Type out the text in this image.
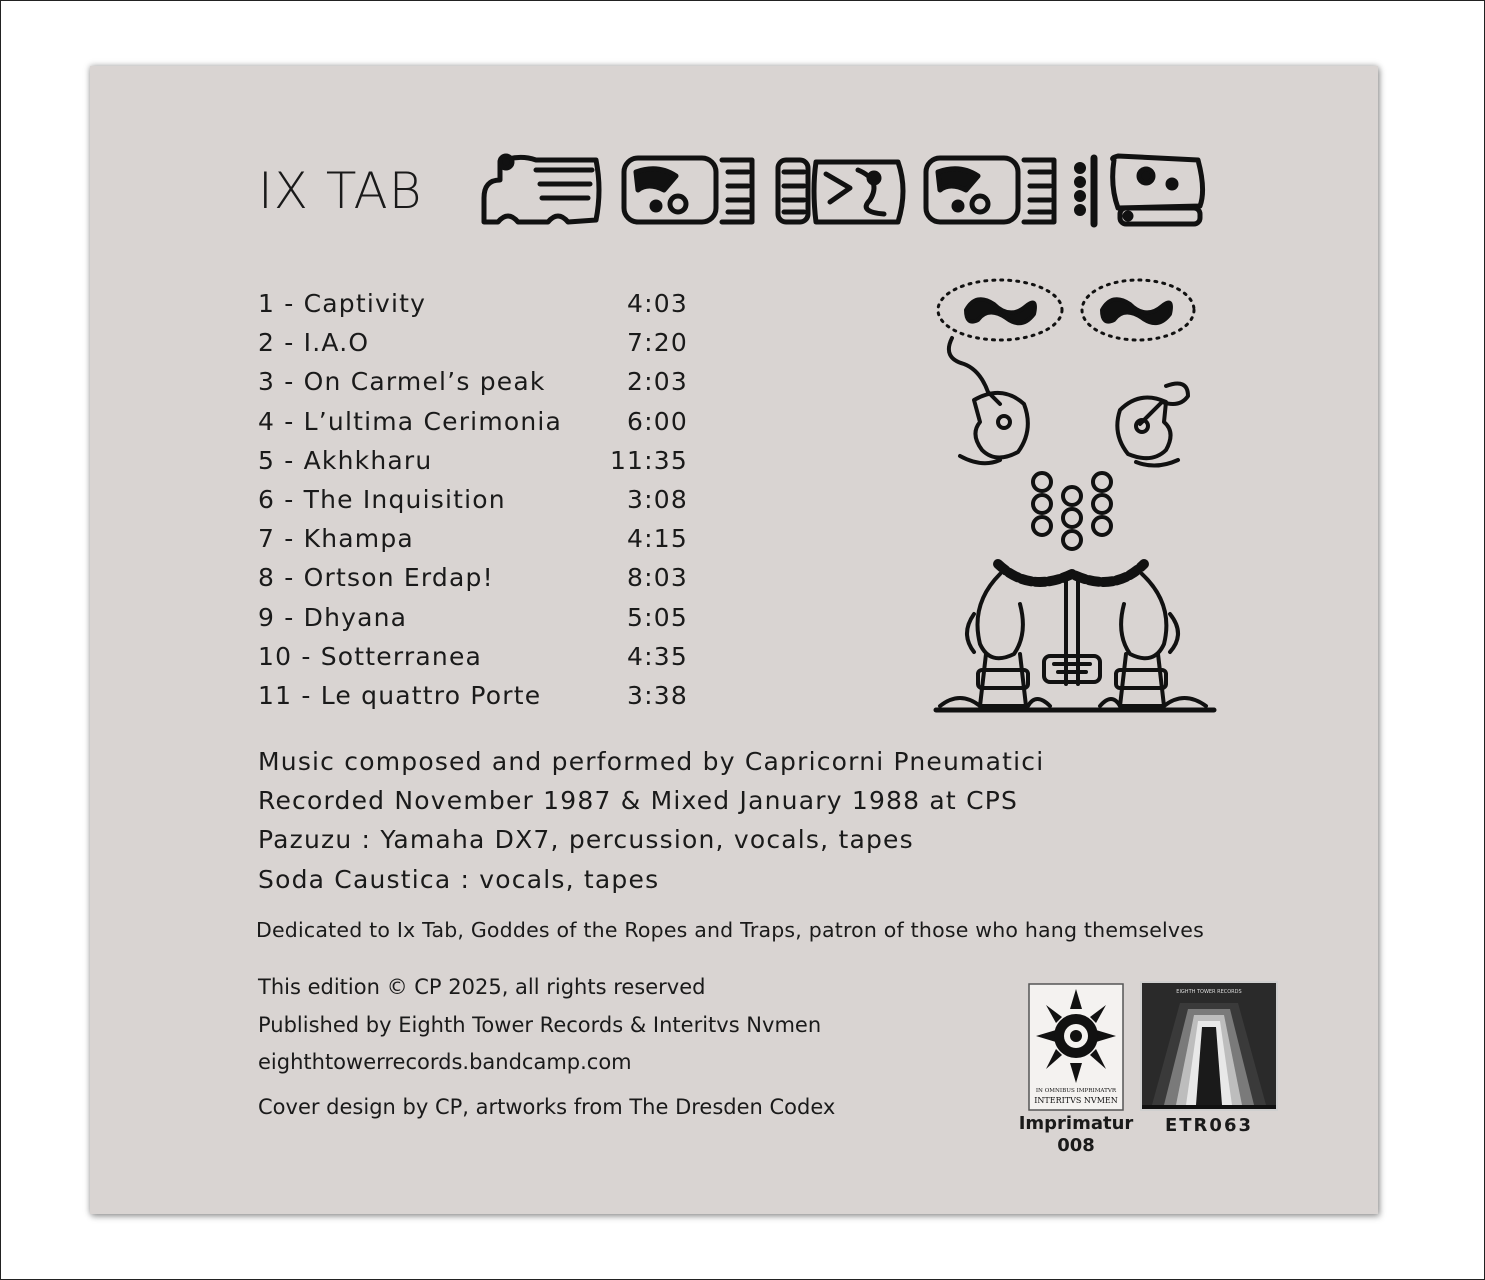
IX TAB
1 - Captivity	4:03
2 - I.A.O	7:20
3 - On Carmel’s peak	2:03
4 - L’ultima Cerimonia	6:00
5 - Akhkharu	11:35
6 - The Inquisition	3:08
7 - Khampa	4:15
8 - Ortson Erdap!	8:03
9 - Dhyana	5:05
10 - Sotterranea	4:35
11 - Le quattro Porte	3:38
Music composed and performed by Capricorni Pneumatici
Recorded November 1987 & Mixed January 1988 at CPS
Pazuzu : Yamaha DX7, percussion, vocals, tapes
Soda Caustica : vocals, tapes

Dedicated to Ix Tab, Goddes of the Ropes and Traps, patron of those who hang themselves

This edition © CP 2025, all rights reserved
Published by Eighth Tower Records & Interitvs Nvmen
eighthtowerrecords.bandcamp.com

Cover design by CP, artworks from The Dresden Codex

IN OMNIBUS IMPRIMATVR
INTERITVS NVMEN
Imprimatur
008
EIGHTH TOWER RECORDS
ETR063
